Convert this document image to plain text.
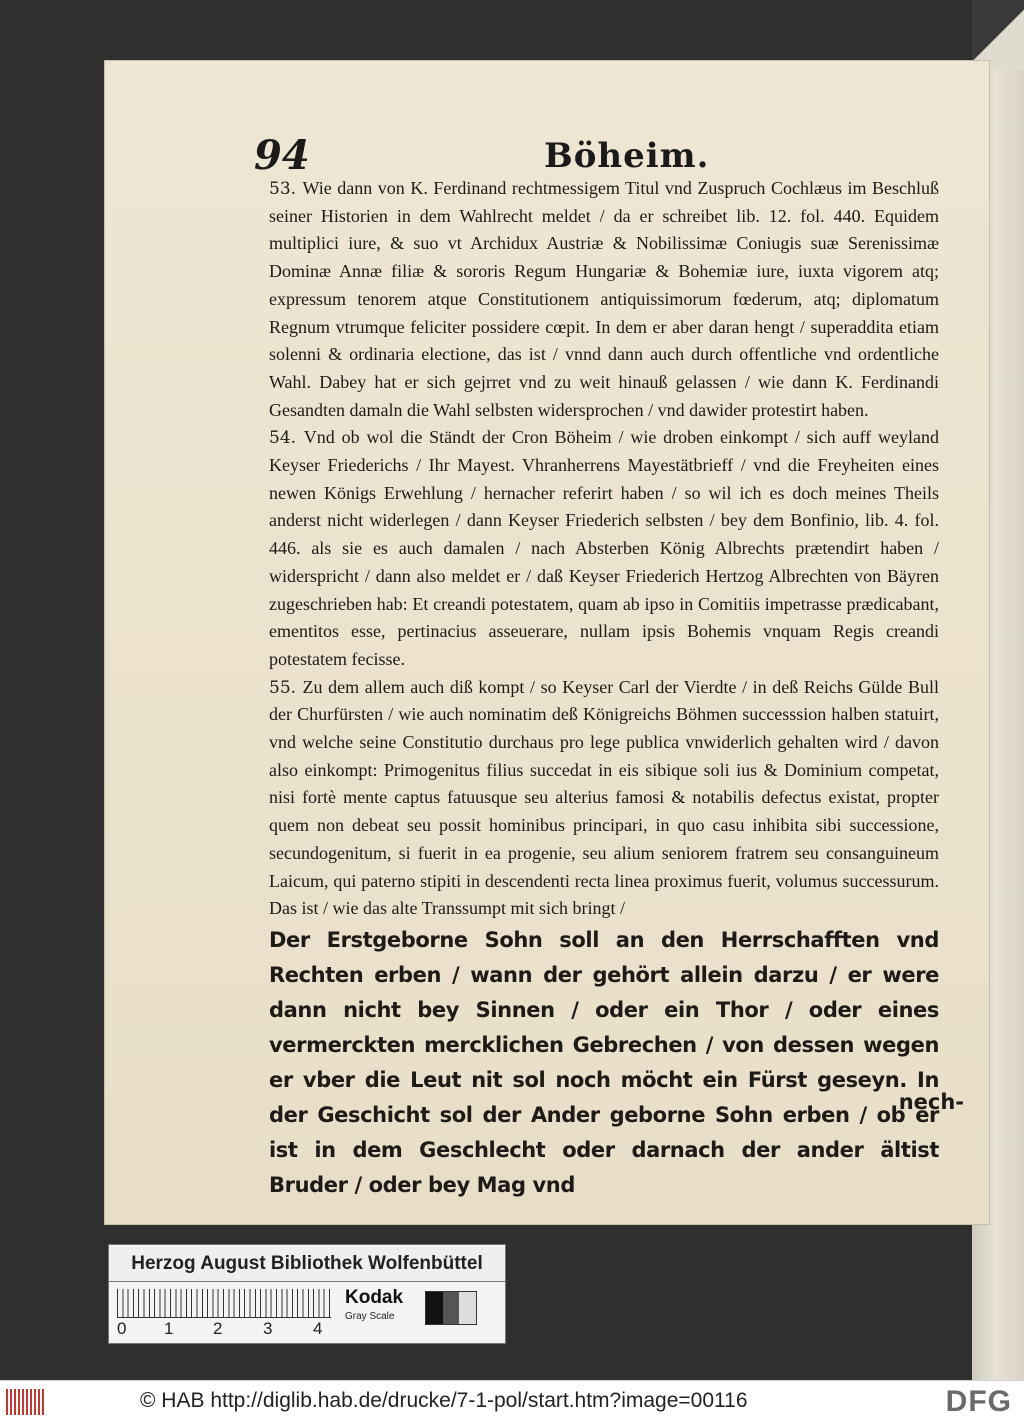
94	Böheim.

53. Wie dann von K. Ferdinand rechtmessigem Titul vnd Zuspruch Cochlæus im Beschluß seiner Historien in dem Wahlrecht meldet / da er schreibet lib. 12. fol. 440. Equidem multiplici iure, & suo vt Archidux Austriæ & Nobilissimæ Coniugis suæ Serenissimæ Dominæ Annæ filiæ & sororis Regum Hungariæ & Bohemiæ iure, iuxta vigorem atq; expressum tenorem atque Constitutionem antiquissimorum fœderum, atq; diplomatum Regnum vtrumque feliciter possidere cœpit. In dem er aber daran hengt / superaddita etiam solenni & ordinaria electione, das ist / vnnd dann auch durch offentliche vnd ordentliche Wahl. Dabey hat er sich gejrret vnd zu weit hinauß gelassen / wie dann K. Ferdinandi Gesandten damaln die Wahl selbsten widersprochen / vnd dawider protestirt haben.

54. Vnd ob wol die Ständt der Cron Böheim / wie droben einkompt / sich auff weyland Keyser Friederichs / Ihr Mayest. Vhranherrens Mayestätbrieff / vnd die Freyheiten eines newen Königs Erwehlung / hernacher referirt haben / so wil ich es doch meines Theils anderst nicht widerlegen / dann Keyser Friederich selbsten / bey dem Bonfinio, lib. 4. fol. 446. als sie es auch damalen / nach Absterben König Albrechts prætendirt haben / widerspricht / dann also meldet er / daß Keyser Friederich Hertzog Albrechten von Bäyren zugeschrieben hab: Et creandi potestatem, quam ab ipso in Comitiis impetrasse prædicabant, ementitos esse, pertinacius asseuerare, nullam ipsis Bohemis vnquam Regis creandi potestatem fecisse.

55. Zu dem allem auch diß kompt / so Keyser Carl der Vierdte / in deß Reichs Gülde Bull der Churfürsten / wie auch nominatim deß Königreichs Böhmen successsion halben statuirt, vnd welche seine Constitutio durchaus pro lege publica vnwiderlich gehalten wird / davon also einkompt: Primogenitus filius succedat in eis sibique soli ius & Dominium competat, nisi fortè mente captus fatuusque seu alterius famosi & notabilis defectus existat, propter quem non debeat seu possit hominibus principari, in quo casu inhibita sibi successione, secundogenitum, si fuerit in ea progenie, seu alium seniorem fratrem seu consanguineum Laicum, qui paterno stipiti in descendenti recta linea proximus fuerit, volumus successurum. Das ist / wie das alte Transsumpt mit sich bringt /

Der Erstgeborne Sohn soll an den Herrschafften vnd Rechten erben / wann der gehört allein darzu / er were dann nicht bey Sinnen / oder ein Thor / oder eines vermerckten mercklichen Gebrechen / von dessen wegen er vber die Leut nit sol noch möcht ein Fürst geseyn. In der Geschicht sol der Ander geborne Sohn erben / ob er ist in dem Geschlecht oder darnach der ander ältist Bruder / oder bey Mag vnd

nech-
Herzog August Bibliothek Wolfenbüttel
0 1 2 3 4
Kodak
Gray Scale
© HAB http://diglib.hab.de/drucke/7-1-pol/start.htm?image=00116	DFG
